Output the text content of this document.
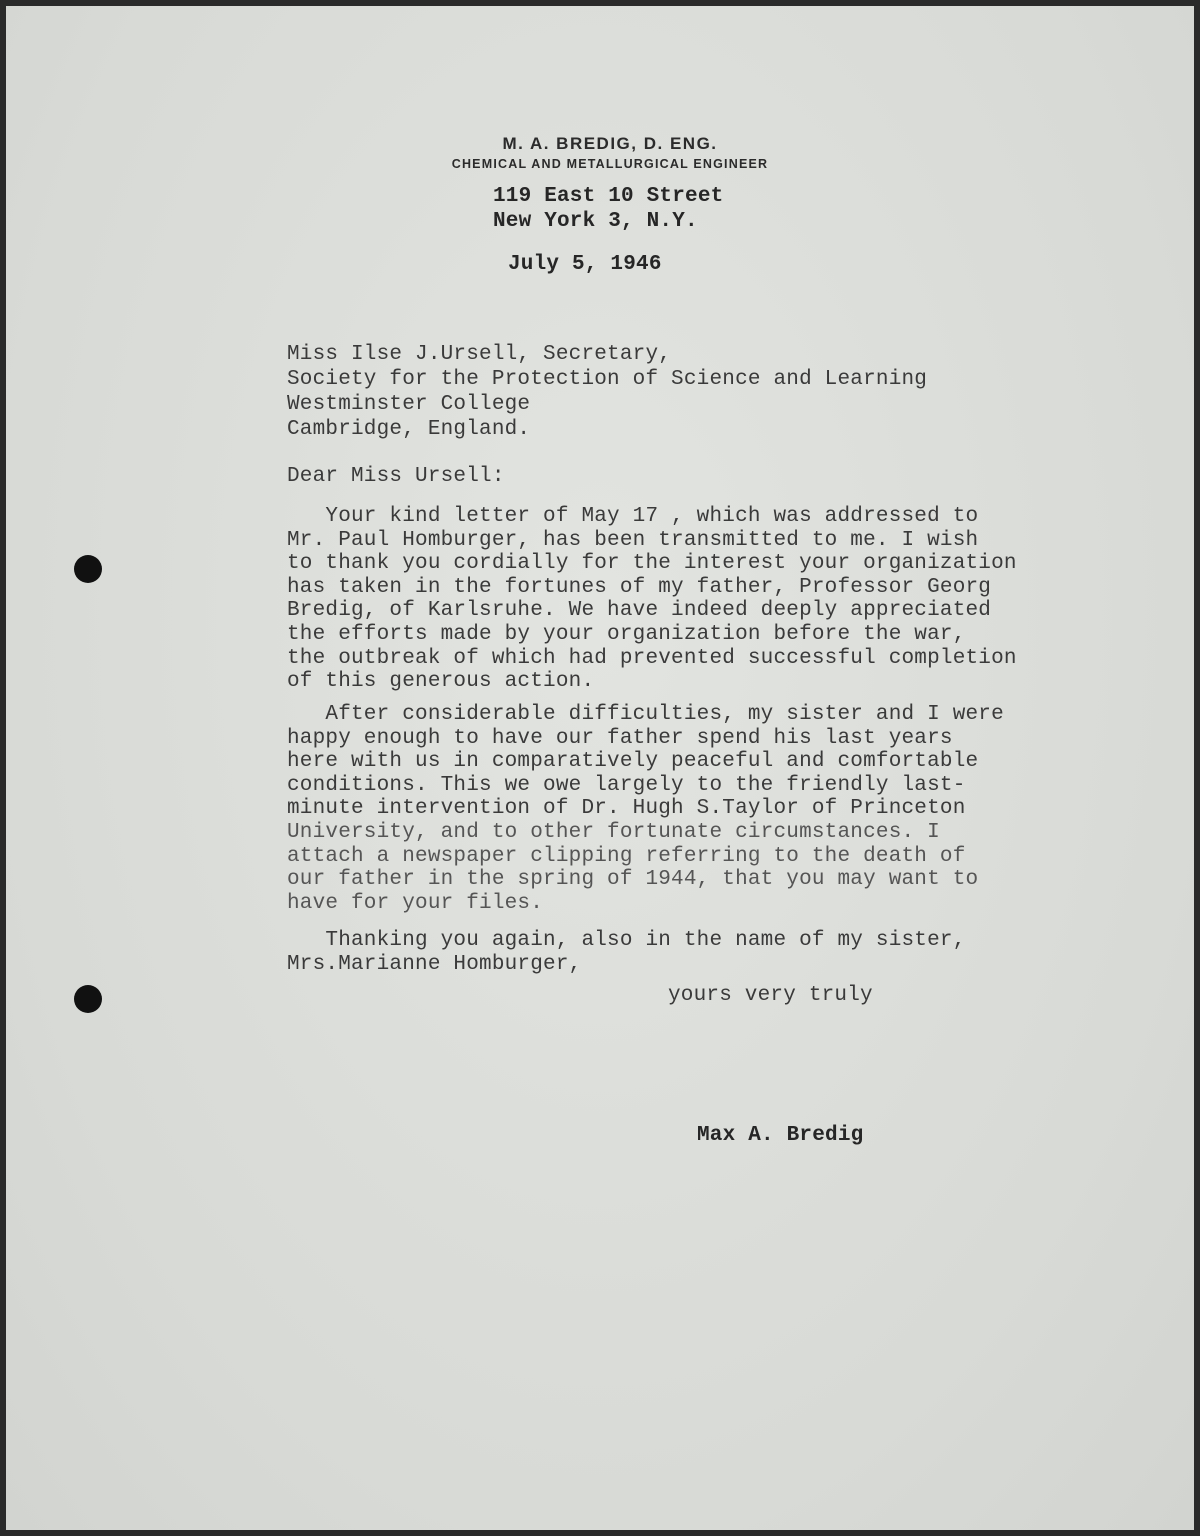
M. A. BREDIG, D. ENG.
CHEMICAL AND METALLURGICAL ENGINEER
119 East 10 Street
New York 3, N.Y.
July 5, 1946
Miss Ilse J.Ursell, Secretary,
Society for the Protection of Science and Learning
Westminster College
Cambridge, England.
Dear Miss Ursell:
Your kind letter of May 17 , which was addressed to
Mr. Paul Homburger, has been transmitted to me. I wish
to thank you cordially for the interest your organization
has taken in the fortunes of my father, Professor Georg
Bredig, of Karlsruhe. We have indeed deeply appreciated
the efforts made by your organization before the war,
the outbreak of which had prevented successful completion
of this generous action.
After considerable difficulties, my sister and I were
happy enough to have our father spend his last years
here with us in comparatively peaceful and comfortable
conditions. This we owe largely to the friendly last-
minute intervention of Dr. Hugh S.Taylor of Princeton
University, and to other fortunate circumstances. I
attach a newspaper clipping referring to the death of
our father in the spring of 1944, that you may want to
have for your files.
Thanking you again, also in the name of my sister,
Mrs.Marianne Homburger,
yours very truly
Max A. Bredig
